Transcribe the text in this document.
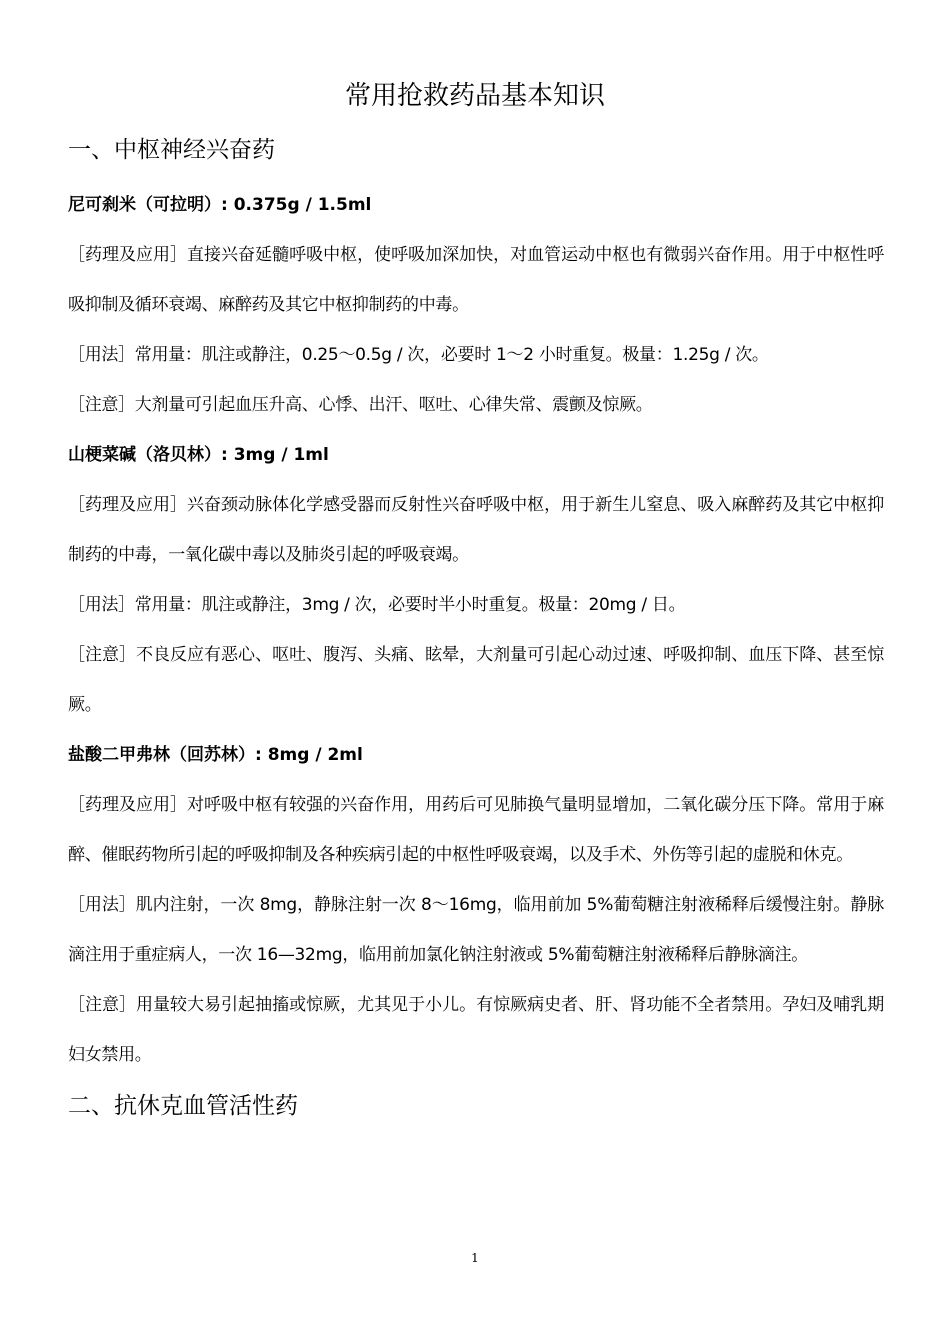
常用抢救药品基本知识
一、中枢神经兴奋药
尼可刹米（可拉明）: 0.375g / 1.5ml

［药理及应用］直接兴奋延髓呼吸中枢，使呼吸加深加快，对血管运动中枢也有微弱兴奋作用。用于中枢性呼吸抑制及循环衰竭、麻醉药及其它中枢抑制药的中毒。

［用法］常用量：肌注或静注，0.25～0.5g / 次，必要时 1～2 小时重复。极量：1.25g / 次。

［注意］大剂量可引起血压升高、心悸、出汗、呕吐、心律失常、震颤及惊厥。

山梗菜碱（洛贝林）: 3mg / 1ml

［药理及应用］兴奋颈动脉体化学感受器而反射性兴奋呼吸中枢，用于新生儿窒息、吸入麻醉药及其它中枢抑制药的中毒，一氧化碳中毒以及肺炎引起的呼吸衰竭。

［用法］常用量：肌注或静注，3mg / 次，必要时半小时重复。极量：20mg / 日。

［注意］不良反应有恶心、呕吐、腹泻、头痛、眩晕，大剂量可引起心动过速、呼吸抑制、血压下降、甚至惊厥。

盐酸二甲弗林（回苏林）: 8mg / 2ml

［药理及应用］对呼吸中枢有较强的兴奋作用，用药后可见肺换气量明显增加，二氧化碳分压下降。常用于麻醉、催眠药物所引起的呼吸抑制及各种疾病引起的中枢性呼吸衰竭，以及手术、外伤等引起的虚脱和休克。

［用法］肌内注射，一次 8mg，静脉注射一次 8～16mg，临用前加 5%葡萄糖注射液稀释后缓慢注射。静脉滴注用于重症病人，一次 16—32mg，临用前加氯化钠注射液或 5%葡萄糖注射液稀释后静脉滴注。

［注意］用量较大易引起抽搐或惊厥，尤其见于小儿。有惊厥病史者、肝、肾功能不全者禁用。孕妇及哺乳期妇女禁用。

二、抗休克血管活性药
1
